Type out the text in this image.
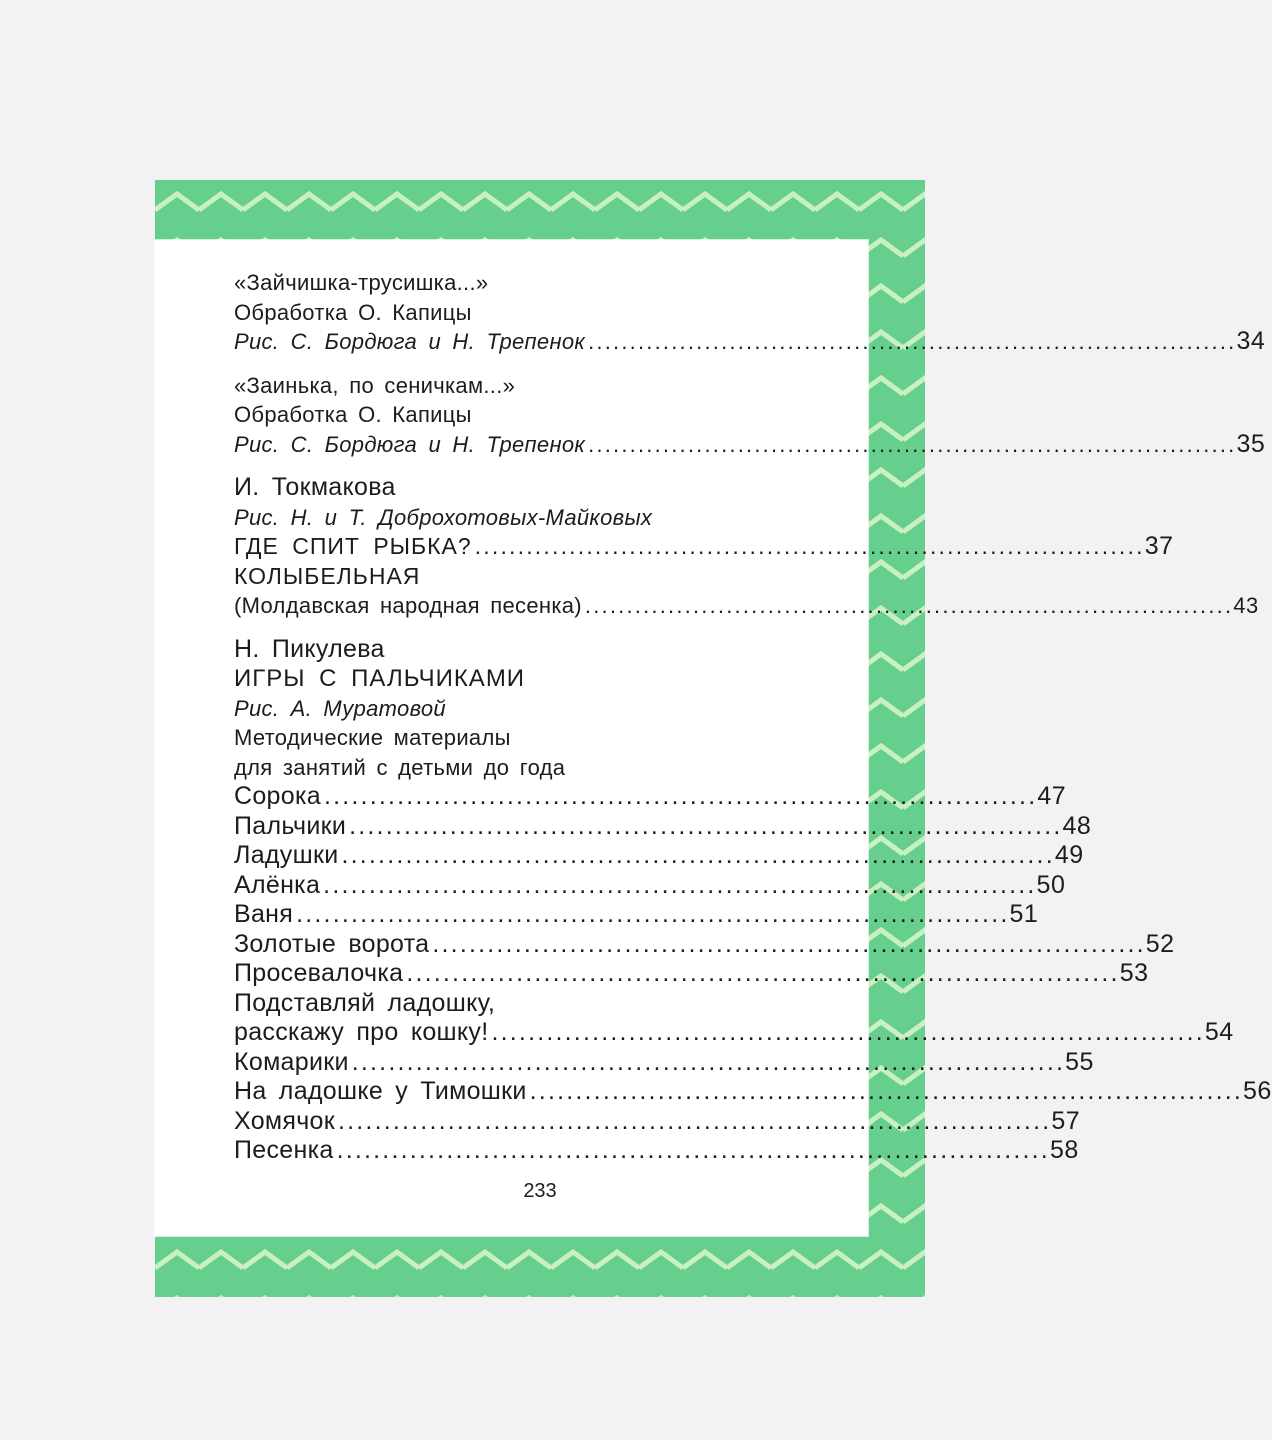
«Зайчишка-трусишка...»
Обработка О. Капицы
Рис. С. Бордюга и Н. Трепенок .............................................................................. 34
«Заинька, по сеничкам...»
Обработка О. Капицы
Рис. С. Бордюга и Н. Трепенок .............................................................................. 35
И. Токмакова
Рис. Н. и Т. Доброхотовых-Майковых
ГДЕ СПИТ РЫБКА? .............................................................................. 37
КОЛЫБЕЛЬНАЯ
(Молдавская народная песенка) .............................................................................. 43
Н. Пикулева
ИГРЫ С ПАЛЬЧИКАМИ
Рис. А. Муратовой
Методические материалы
для занятий с детьми до года
Сорока .............................................................................. 47
Пальчики .............................................................................. 48
Ладушки .............................................................................. 49
Алёнка .............................................................................. 50
Ваня .............................................................................. 51
Золотые ворота .............................................................................. 52
Просевалочка .............................................................................. 53
Подставляй ладошку,
расскажу про кошку! .............................................................................. 54
Комарики .............................................................................. 55
На ладошке у Тимошки .............................................................................. 56
Хомячок .............................................................................. 57
Песенка .............................................................................. 58
233
